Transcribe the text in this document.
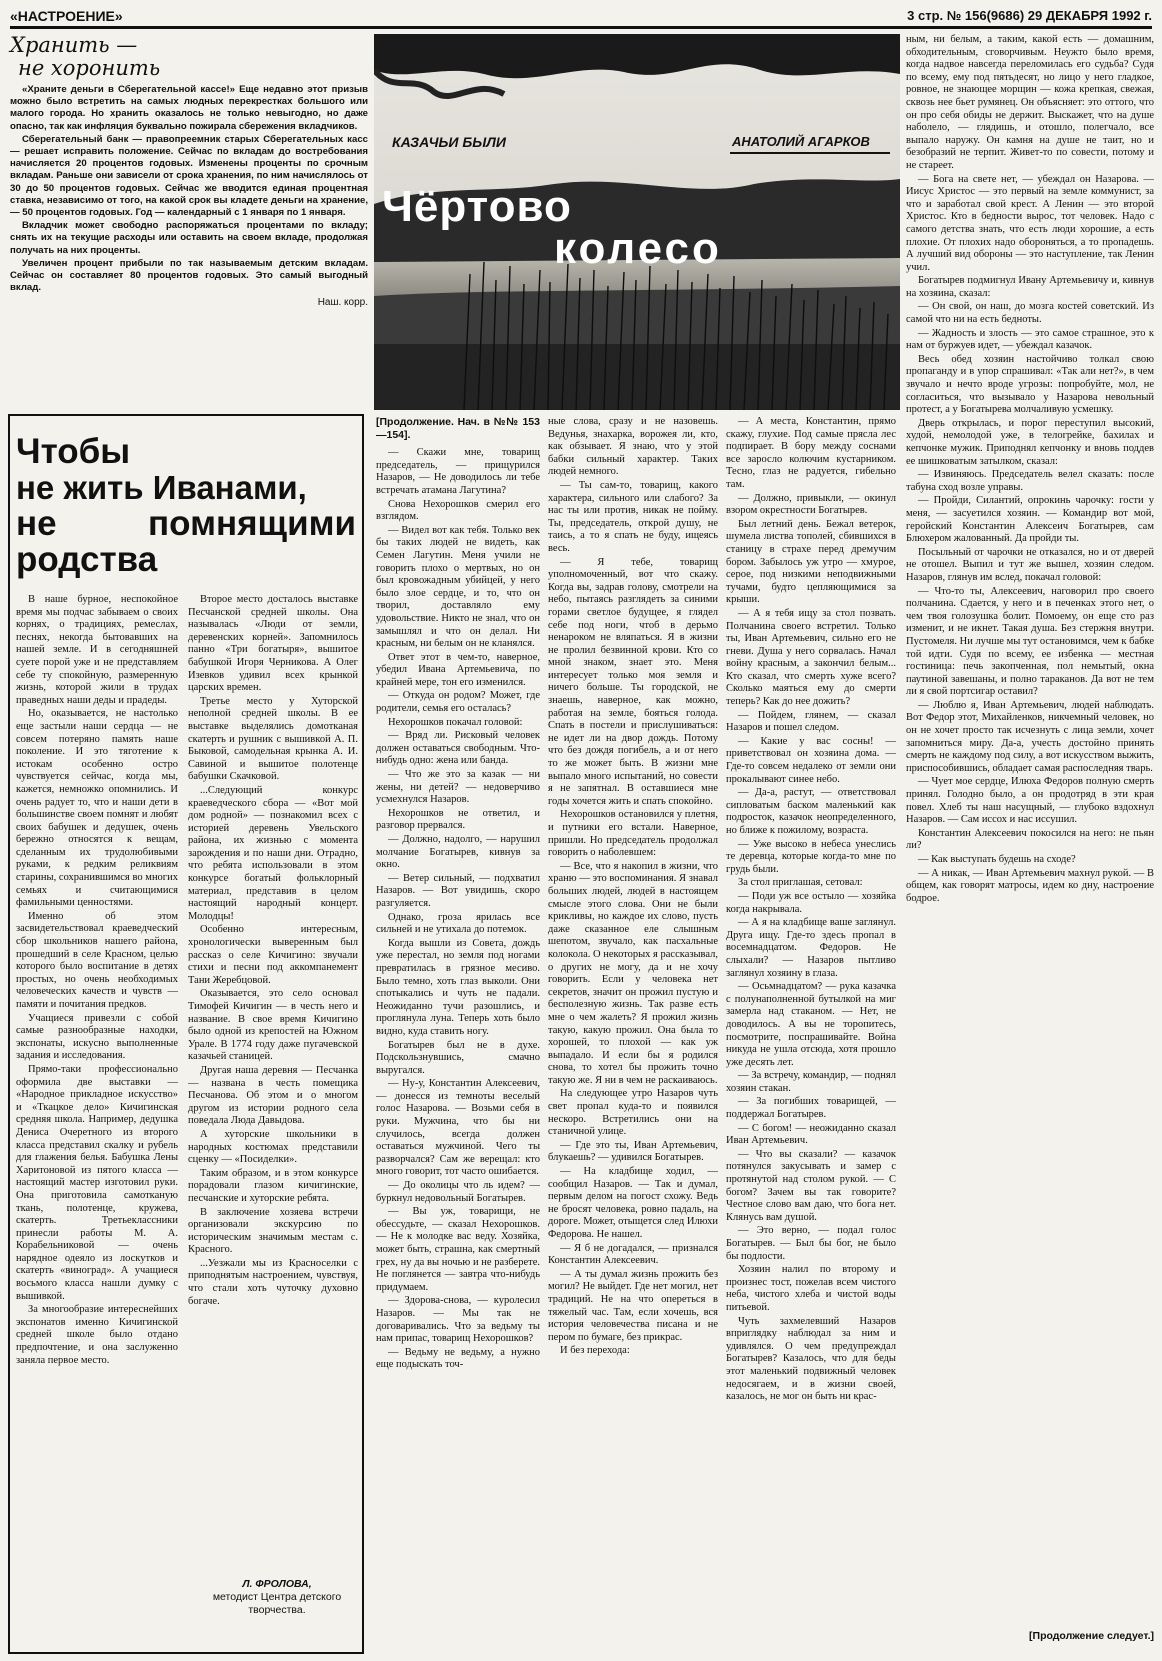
«НАСТРОЕНИЕ»	3 стр. № 156(9686) 29 ДЕКАБРЯ 1992 г.
Хранить —
не хоронить

«Храните деньги в Сберегательной кассе!» Еще недавно этот призыв можно было встретить на самых людных перекрестках большого или малого города. Но хранить оказалось не только невыгодно, но даже опасно, так как инфляция буквально пожирала сбережения вкладчиков.

Сберегательный банк — правопреемник старых Сберегательных касс — решает исправить положение. Сейчас по вкладам до востребования начисляется 20 процентов годовых. Изменены проценты по срочным вкладам. Раньше они зависели от срока хранения, по ним начислялось от 30 до 50 процентов годовых. Сейчас же вводится единая процентная ставка, независимо от того, на какой срок вы кладете деньги на хранение, — 50 процентов годовых. Год — календарный с 1 января по 1 января.

Вкладчик может свободно распоряжаться процентами по вкладу; снять их на текущие расходы или оставить на своем вкладе, продолжая получать на них проценты.

Увеличен процент прибыли по так называемым детским вкладам. Сейчас он составляет 80 процентов годовых. Это самый выгодный вклад.

Наш. корр.
КАЗАЧЬИ БЫЛИ	АНАТОЛИЙ АГАРКОВ
Чёртово
колесо
Чтобы
не жить Иванами,
не	помнящими
родства

В наше бурное, неспокойное время мы подчас забываем о своих корнях, о традициях, ремеслах, песнях, некогда бытовавших на нашей земле. И в сегодняшней суете порой уже и не представляем себе ту спокойную, размеренную жизнь, которой жили в трудах праведных наши деды и прадеды.

Но, оказывается, не настолько еще застыли наши сердца — не совсем потеряно память наше поколение. И это тяготение к истокам особенно остро чувствуется сейчас, когда мы, кажется, немножко опомнились. И очень радует то, что и наши дети в большинстве своем помнят и любят своих бабушек и дедушек, очень бережно относятся к вещам, сделанным их трудолюбивыми руками, к редким реликвиям старины, сохранившимся во многих семьях и считающимися фамильными ценностями.

Именно об этом засвидетельствовал краеведческий сбор школьников нашего района, прошедший в селе Красном, целью которого было воспитание в детях простых, но очень необходимых человеческих качеств и чувств — памяти и почитания предков.

Учащиеся привезли с собой самые разнообразные находки, экспонаты, искусно выполненные задания и исследования.

Прямо-таки профессионально оформила две выставки — «Народное прикладное искусство» и «Ткацкое дело» Кичигинская средняя школа. Например, дедушка Дениса Очеретного из второго класса представил скалку и рубель для глажения белья. Бабушка Лены Харитоновой из пятого класса — настоящий мастер изготовил руки. Она приготовила самотканую ткань, полотенце, кружева, скатерть. Третьеклассники принесли работы М. А. Корабельниковой — очень нарядное одеяло из лоскутков и скатерть «виноград». А учащиеся восьмого класса нашли думку с вышивкой.

За многообразие интереснейших экспонатов именно Кичигинской средней школе было отдано предпочтение, и она заслуженно заняла первое место.

Второе место досталось выставке Песчанской средней школы. Она называлась «Люди от земли, деревенских корней». Запомнилось панно «Три богатыря», вышитое бабушкой Игоря Черникова. А Олег Изевков удивил всех крынкой царских времен.

Третье место у Хуторской неполной средней школы. В ее выставке выделялись домотканая скатерть и рушник с вышивкой А. П. Быковой, самодельная крынка А. И. Савиной и вышитое полотенце бабушки Скачковой.

...Следующий конкурс краеведческого сбора — «Вот мой дом родной» — познакомил всех с историей деревень Увельского района, их жизнью с момента зарождения и по наши дни. Отрадно, что ребята использовали в этом конкурсе богатый фольклорный материал, представив в целом настоящий народный концерт. Молодцы!

Особенно интересным, хронологически выверенным был рассказ о селе Кичигино: звучали стихи и песни под аккомпанемент Тани Жеребцовой.

Оказывается, это село основал Тимофей Кичигин — в честь него и название. В свое время Кичигино было одной из крепостей на Южном Урале. В 1774 году даже пугачевской казачьей станицей.

Другая наша деревня — Песчанка — названа в честь помещика Песчанова. Об этом и о многом другом из истории родного села поведала Люда Давыдова.

А хуторские школьники в народных костюмах представили сценку — «Посиделки».

Таким образом, и в этом конкурсе порадовали глазом кичигинские, песчанские и хуторские ребята.

В заключение хозяева встречи организовали экскурсию по историческим значимым местам с. Красного.

...Уезжали мы из Красноселки с приподнятым настроением, чувствуя, что стали хоть чуточку духовно богаче.

Л. ФРОЛОВА,
методист Центра детского творчества.

[Продолжение. Нач. в №№ 153—154].

— Скажи мне, товарищ председатель, — прищурился Назаров, — Не доводилось ли тебе встречать атамана Лагутина?

Снова Нехорошков смерил его взглядом.

— Видел вот как тебя. Только век бы таких людей не видеть, как Семен Лагутин. Меня учили не говорить плохо о мертвых, но он был кровожадным убийцей, у него было злое сердце, и то, что он творил, доставляло ему удовольствие. Никто не знал, что он замышлял и что он делал. Ни красным, ни белым он не кланялся.

Ответ этот в чем-то, наверное, убедил Ивана Артемьевича, по крайней мере, тон его изменился.

— Откуда он родом? Может, где родители, семья его осталась?

Нехорошков покачал головой:

— Вряд ли. Рисковый человек должен оставаться свободным. Что-нибудь одно: жена или банда.

— Что же это за казак — ни жены, ни детей? — недоверчиво усмехнулся Назаров.

Нехорошков не ответил, и разговор прервался.

— Должно, надолго, — нарушил молчание Богатырев, кивнув за окно.

— Ветер сильный, — подхватил Назаров. — Вот увидишь, скоро разгуляется.

Однако, гроза ярилась все сильней и не утихала до потемок.

Когда вышли из Совета, дождь уже перестал, но земля под ногами превратилась в грязное месиво. Было темно, хоть глаз выколи. Они спотыкались и чуть не падали. Неожиданно тучи разошлись, и проглянула луна. Теперь хоть было видно, куда ставить ногу.

Богатырев был не в духе. Подскользнувшись, смачно выругался.

— Ну-у, Константин Алексеевич, — донесся из темноты веселый голос Назарова. — Возьми себя в руки. Мужчина, что бы ни случилось, всегда должен оставаться мужчиной. Чего ты разворчался? Сам же верещал: кто много говорит, тот часто ошибается.

— До околицы что ль идем? — буркнул недовольный Богатырев.

— Вы уж, товарищи, не обессудьте, — сказал Нехорошков. — Не к молодке вас веду. Хозяйка, может быть, страшна, как смертный грех, ну да вы ночью и не разберете. Не поглянется — завтра что-нибудь придумаем.

— Здорова-снова, — куролесил Назаров. — Мы так не договаривались. Что за ведьму ты нам припас, товарищ Нехорошков?

— Ведьму не ведьму, а нужно еще подыскать точ-

ные слова, сразу и не назовешь. Ведунья, знахарка, ворожея ли, кто, как обзывает. Я знаю, что у этой бабки сильный характер. Таких людей немного.

— Ты сам-то, товарищ, какого характера, сильного или слабого? За нас ты или против, никак не пойму. Ты, председатель, открой душу, не таись, а то я спать не буду, ищеясь весь.

— Я тебе, товарищ уполномоченный, вот что скажу. Когда вы, задрав голову, смотрели на небо, пытаясь разглядеть за синими горами светлое будущее, я глядел себе под ноги, чтоб в дерьмо ненароком не вляпаться. Я в жизни не пролил безвинной крови. Кто со мной знаком, знает это. Меня интересует только моя земля и ничего больше. Ты городской, не знаешь, наверное, как можно, работая на земле, бояться голода. Спать в постели и прислушиваться: не идет ли на двор дождь. Потому что без дождя погибель, а и от него то же может быть. В жизни мне выпало много испытаний, но совести я не запятнал. В оставшиеся мне годы хочется жить и спать спокойно.

Нехорошков остановился у плетня, и путники его встали. Наверное, пришли. Но председатель продолжал говорить о наболевшем:

— Все, что я накопил в жизни, что храню — это воспоминания. Я знавал больших людей, людей в настоящем смысле этого слова. Они не были крикливы, но каждое их слово, пусть даже сказанное еле слышным шепотом, звучало, как пасхальные колокола. О некоторых я рассказывал, о других не могу, да и не хочу говорить. Если у человека нет секретов, значит он прожил пустую и бесполезную жизнь. Так разве есть мне о чем жалеть? Я прожил жизнь такую, какую прожил. Она была то хорошей, то плохой — как уж выпадало. И если бы я родился снова, то хотел бы прожить точно такую же. Я ни в чем не раскаиваюсь.

На следующее утро Назаров чуть свет пропал куда-то и появился нескоро. Встретились они на станичной улице.

— Где это ты, Иван Артемьевич, блукаешь? — удивился Богатырев.

— На кладбище ходил, — сообщил Назаров. — Так и думал, первым делом на погост схожу. Ведь не бросят человека, ровно падаль, на дороге. Может, отыщется след Илюхи Федорова. Не нашел.

— Я б не догадался, — признался Константин Алексеевич.

— А ты думал жизнь прожить без могил? Не выйдет. Где нет могил, нет традиций. Не на что опереться в тяжелый час. Там, если хочешь, вся история человечества писана и не пером по бумаге, без прикрас.

И без перехода:

— А места, Константин, прямо скажу, глухие. Под самые прясла лес подпирает. В бору между соснами все заросло колючим кустарником. Тесно, глаз не радуется, гибельно там.

— Должно, привыкли, — окинул взором окрестности Богатырев.

Был летний день. Бежал ветерок, шумела листва тополей, сбившихся в станицу в страхе перед дремучим бором. Забылось уж утро — хмурое, серое, под низкими неподвижными тучами, будто цепляющимися за крыши.

— А я тебя ищу за стол позвать. Полчанина своего встретил. Только ты, Иван Артемьевич, сильно его не гневи. Душа у него сорвалась. Начал войну красным, а закончил белым... Кто сказал, что смерть хуже всего? Сколько маяться ему до смерти теперь? Как до нее дожить?

— Пойдем, глянем, — сказал Назаров и пошел следом.

— Какие у вас сосны! — приветствовал он хозяина дома. — Где-то совсем недалеко от земли они прокалывают синее небо.

— Да-а, растут, — ответствовал сипловатым баском маленький как подросток, казачок неопределенного, но ближе к пожилому, возраста.

— Уже высоко в небеса унеслись те деревца, которые когда-то мне по грудь были.

За стол приглашая, сетовал:

— Поди уж все остыло — хозяйка когда накрывала.

— А я на кладбище ваше заглянул. Друга ищу. Где-то здесь пропал в восемнадцатом. Федоров. Не слыхали? — Назаров пытливо заглянул хозяину в глаза.

— Осьмнадцатом? — рука казачка с полунаполненной бутылкой на миг замерла над стаканом. — Нет, не доводилось. А вы не торопитесь, посмотрите, поспрашивайте. Война никуда не ушла отсюда, хотя прошло уже десять лет.

— За встречу, командир, — поднял хозяин стакан.

— За погибших товарищей, — поддержал Богатырев.

— С богом! — неожиданно сказал Иван Артемьевич.

— Что вы сказали? — казачок потянулся закусывать и замер с протянутой над столом рукой. — С богом? Зачем вы так говорите? Честное слово вам даю, что бога нет. Клянусь вам душой.

— Это верно, — подал голос Богатырев. — Был бы бог, не было бы подлости.

Хозяин налил по второму и произнес тост, пожелав всем чистого неба, чистого хлеба и чистой воды питьевой.

Чуть захмелевший Назаров вприглядку наблюдал за ним и удивлялся. О чем предупреждал Богатырев? Казалось, что для беды этот маленький подвижный человек недосягаем, и в жизни своей, казалось, не мог он быть ни крас-

ным, ни белым, а таким, какой есть — домашним, обходительным, сговорчивым. Неужто было время, когда надвое навсегда переломилась его судьба? Судя по всему, ему под пятьдесят, но лицо у него гладкое, ровное, не знающее морщин — кожа крепкая, свежая, сквозь нее бьет румянец. Он объясняет: это оттого, что он про себя обиды не держит. Выскажет, что на душе наболело, — глядишь, и отошло, полегчало, все выпало наружу. Он камня на душе не таит, но и безобразий не терпит. Живет-то по совести, потому и не стареет.

— Бога на свете нет, — убеждал он Назарова. — Иисус Христос — это первый на земле коммунист, за что и заработал свой крест. А Ленин — это второй Христос. Кто в бедности вырос, тот человек. Надо с самого детства знать, что есть люди хорошие, а есть плохие. От плохих надо обороняться, а то пропадешь. А лучший вид обороны — это наступление, так Ленин учил.

Богатырев подмигнул Ивану Артемьевичу и, кивнув на хозяина, сказал:

— Он свой, он наш, до мозга костей советский. Из самой что ни на есть бедноты.

— Жадность и злость — это самое страшное, это к нам от буржуев идет, — убеждал казачок.

Весь обед хозяин настойчиво толкал свою пропаганду и в упор спрашивал: «Так али нет?», в чем звучало и нечто вроде угрозы: попробуйте, мол, не согласиться, что вызывало у Назарова невольный протест, а у Богатырева молчаливую усмешку.

Дверь открылась, и порог переступил высокий, худой, немолодой уже, в телогрейке, бахилах и кепчонке мужик. Приподнял кепчонку и вновь поддев ее шишковатым затылком, сказал:

— Извиняюсь. Председатель велел сказать: после табуна сход возле управы.

— Пройди, Силантий, опрокинь чарочку: гости у меня, — засуетился хозяин. — Командир вот мой, геройский Константин Алексеич Богатырев, сам Блюхером жалованный. Да пройди ты.

Посыльный от чарочки не отказался, но и от дверей не отошел. Выпил и тут же вышел, хозяин следом. Назаров, глянув им вслед, покачал головой:

— Что-то ты, Алексеевич, наговорил про своего полчанина. Сдается, у него и в печенках этого нет, о чем твоя голозушка болит. Помоему, он еще сто раз изменит, и не икнет. Такая душа. Без стержня внутри. Пустомеля. Ни лучше мы тут остановимся, чем к бабке той идти. Судя по всему, ее избенка — местная гостиница: печь закопченная, пол немытый, окна паутиной завешаны, и полно тараканов. Да вот не тем ли я свой портсигар оставил?

— Люблю я, Иван Артемьевич, людей наблюдать. Вот Федор этот, Михайленков, никчемный человек, но он не хочет просто так исчезнуть с лица земли, хочет запомниться миру. Да-а, учесть достойно принять смерть не каждому под силу, а вот искусством выжить, приспособившись, обладает самая распоследняя тварь.

— Чует мое сердце, Илюха Федоров полную смерть принял. Голодно было, а он продотряд в эти края повел. Хлеб ты наш насущный, — глубоко вздохнул Назаров. — Сам иссох и нас иссушил.

Константин Алексеевич покосился на него: не пьян ли?

— Как выступать будешь на сходе?

— А никак, — Иван Артемьевич махнул рукой. — В общем, как говорят матросы, идем ко дну, настроение бодрое.

[Продолжение следует.]
